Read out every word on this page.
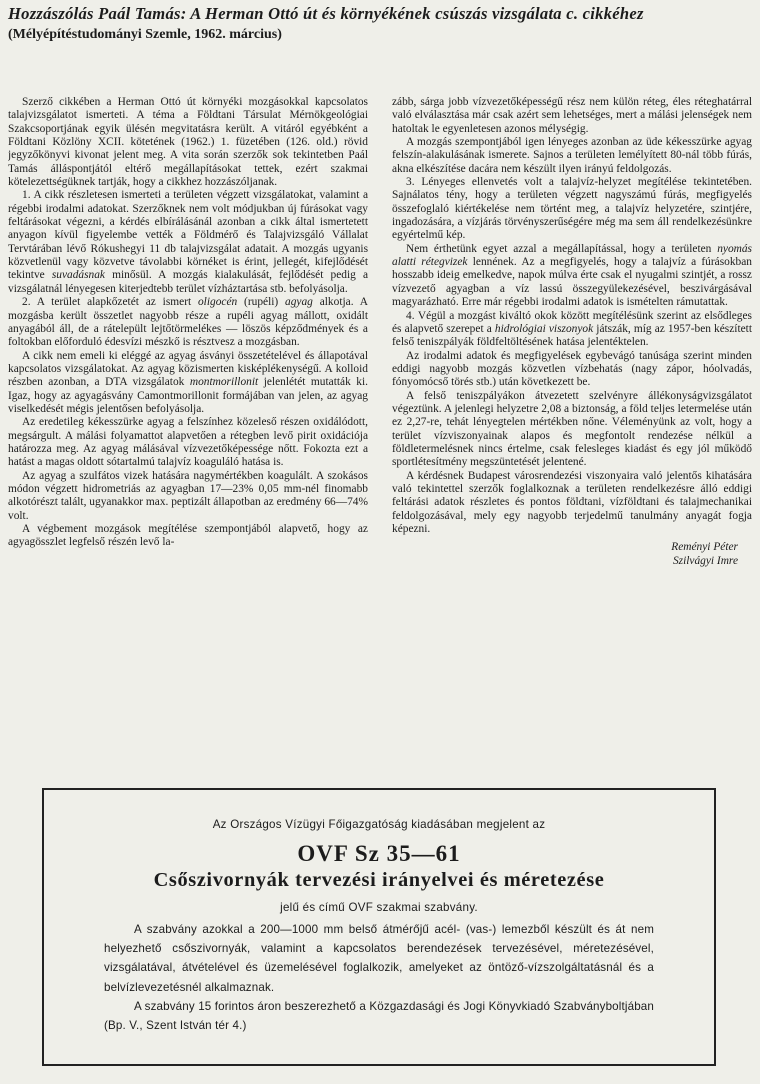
Hozzászólás Paál Tamás: A Herman Ottó út és környékének csúszás vizsgálata c. cikkéhez

(Mélyépítéstudományi Szemle, 1962. március)

Szerző cikkében a Herman Ottó út környéki mozgásokkal kapcsolatos talajvizsgálatot ismerteti. A téma a Földtani Társulat Mérnökgeológiai Szakcsoportjának egyik ülésén megvitatásra került. A vitáról egyébként a Földtani Közlöny XCII. kötetének (1962.) 1. füzetében (126. old.) rövid jegyzőkönyvi kivonat jelent meg. A vita során szerzők sok tekintetben Paál Tamás álláspontjától eltérő megállapításokat tettek, ezért szakmai kötelezettségüknek tartják, hogy a cikkhez hozzászóljanak.

1. A cikk részletesen ismerteti a területen végzett vizsgálatokat, valamint a régebbi irodalmi adatokat. Szerzőknek nem volt módjukban új fúrásokat vagy feltárásokat végezni, a kérdés elbírálásánál azonban a cikk által ismertetett anyagon kívül figyelembe vették a Földmérő és Talajvizsgáló Vállalat Tervtárában lévő Rókushegyi 11 db talajvizsgálat adatait. A mozgás ugyanis közvetlenül vagy közvetve távolabbi körnéket is érint, jellegét, kifejlődését tekintve suvadásnak minősül. A mozgás kialakulását, fejlődését pedig a vizsgálatnál lényegesen kiterjedtebb terület vízháztartása stb. befolyásolja.

2. A terület alapkőzetét az ismert oligocén (rupéli) agyag alkotja. A mozgásba került összetlet nagyobb része a rupéli agyag mállott, oxidált anyagából áll, de a rátelepült lejtőtörmelékes — löszös képződmények és a foltokban előforduló édesvízi mészkő is résztvesz a mozgásban.

A cikk nem emeli ki eléggé az agyag ásványi összetételével és állapotával kapcsolatos vizsgálatokat. Az agyag közismerten kisképlékenységű. A kolloid részben azonban, a DTA vizsgálatok montmorillonit jelenlétét mutatták ki. Igaz, hogy az agyagásvány Camontmorillonit formájában van jelen, az agyag viselkedését mégis jelentősen befolyásolja.

Az eredetileg kékesszürke agyag a felszínhez közeleső részen oxidálódott, megsárgult. A málási folyamattot alapvetően a rétegben levő pirit oxidációja határozza meg. Az agyag málásával vízvezetőképessége nőtt. Fokozta ezt a hatást a magas oldott sótartalmú talajvíz koaguláló hatása is.

Az agyag a szulfátos vizek hatására nagymértékben koagulált. A szokásos módon végzett hidrometriás az agyagban 17—23% 0,05 mm-nél finomabb alkotórészt talált, ugyanakkor max. peptizált állapotban az eredmény 66—74% volt.

A végbement mozgások megítélése szempontjából alapvető, hogy az agyagösszlet legfelső részén levő la-

zább, sárga jobb vízvezetőképességű rész nem külön réteg, éles réteghatárral való elválasztása már csak azért sem lehetséges, mert a málási jelenségek nem hatoltak le egyenletesen azonos mélységig.

A mozgás szempontjából igen lényeges azonban az üde kékesszürke agyag felszín-alakulásának ismerete. Sajnos a területen lemélyített 80-nál több fúrás, akna elkészítése dacára nem készült ilyen irányú feldolgozás.

3. Lényeges ellenvetés volt a talajvíz-helyzet megítélése tekintetében. Sajnálatos tény, hogy a területen végzett nagyszámú fúrás, megfigyelés összefoglaló kiértékelése nem történt meg, a talajvíz helyzetére, szintjére, ingadozására, a vízjárás törvényszerűségére még ma sem áll rendelkezésünkre egyértelmű kép.

Nem érthetünk egyet azzal a megállapítással, hogy a területen nyomás alatti rétegvizek lennének. Az a megfigyelés, hogy a talajvíz a fúrásokban hosszabb ideig emelkedve, napok múlva érte csak el nyugalmi szintjét, a rossz vízvezető agyagban a víz lassú összegyülekezésével, beszivárgásával magyarázható. Erre már régebbi irodalmi adatok is ismételten rámutattak.

4. Végül a mozgást kiváltó okok között megítélésünk szerint az elsődleges és alapvető szerepet a hidrológiai viszonyok játszák, míg az 1957-ben készített felső teniszpályák földfeltöltésének hatása jelentéktelen.

Az irodalmi adatok és megfigyelések egybevágó tanúsága szerint minden eddigi nagyobb mozgás közvetlen vízbehatás (nagy zápor, hóolvadás, fónyomócső törés stb.) után következett be.

A felső teniszpályákon átvezetett szelvényre állékonyságvizsgálatot végeztünk. A jelenlegi helyzetre 2,08 a biztonság, a föld teljes letermelése után ez 2,27-re, tehát lényegtelen mértékben nőne. Véleményünk az volt, hogy a terület vízviszonyainak alapos és megfontolt rendezése nélkül a földletermelésnek nincs értelme, csak felesleges kiadást és egy jól működő sportlétesítmény megszüntetését jelentené.

A kérdésnek Budapest városrendezési viszonyaira való jelentős kihatására való tekintettel szerzők foglalkoznak a területen rendelkezésre álló eddigi feltárási adatok részletes és pontos földtani, vízföldtani és talajmechanikai feldolgozásával, mely egy nagyobb terjedelmű tanulmány anyagát fogja képezni.

Reményi Péter
Szilvágyi Imre
Az Országos Vízügyi Főigazgatóság kiadásában megjelent az
OVF Sz 35—61
Csőszivornyák tervezési irányelvei és méretezése
jelű és című OVF szakmai szabvány.

A szabvány azokkal a 200—1000 mm belső átmérőjű acél- (vas-) lemezből készült és át nem helyezhető csőszivornyák, valamint a kapcsolatos berendezések tervezésével, méretezésével, vizsgálatával, átvételével és üzemelésével foglalkozik, amelyeket az öntöző-vízszolgáltatásnál és a belvízlevezetésnél alkalmaznak.

A szabvány 15 forintos áron beszerezhető a Közgazdasági és Jogi Könyvkiadó Szabványboltjában (Bp. V., Szent István tér 4.)
